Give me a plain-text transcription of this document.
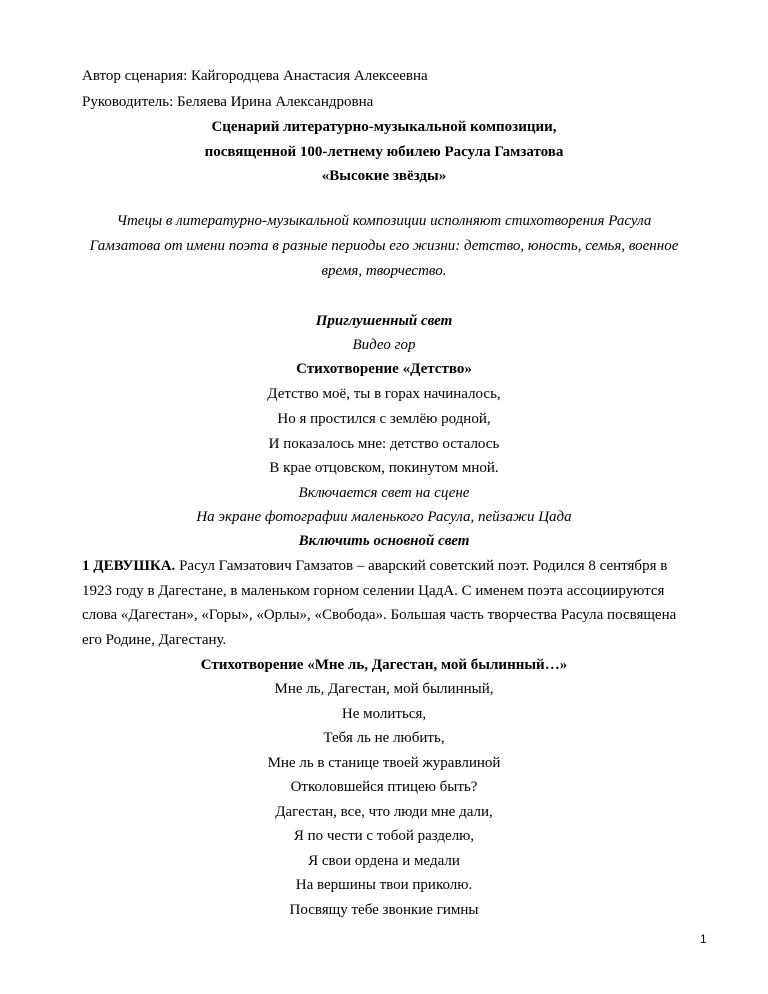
Автор сценария: Кайгородцева Анастасия Алексеевна
Руководитель: Беляева Ирина Александровна
Сценарий литературно-музыкальной композиции,
посвященной 100-летнему юбилею Расула Гамзатова
«Высокие звёзды»
Чтецы в литературно-музыкальной композиции исполняют стихотворения Расула
Гамзатова от имени поэта в разные периоды его жизни: детство, юность, семья, военное
время, творчество.
Приглушенный свет
Видео гор
Стихотворение «Детство»
Детство моё, ты в горах начиналось,
Но я простился с землёю родной,
И показалось мне: детство осталось
В крае отцовском, покинутом мной.
Включается свет на сцене
На экране фотографии маленького Расула, пейзажи Цада
Включить основной свет
1 ДЕВУШКА. Расул Гамзатович Гамзатов – аварский советский поэт. Родился 8 сентября в
1923 году в Дагестане, в маленьком горном селении ЦадА. С именем поэта ассоциируются
слова «Дагестан», «Горы», «Орлы», «Свобода». Большая часть творчества Расула посвящена
его Родине, Дагестану.
Стихотворение «Мне ль, Дагестан, мой былинный…»
Мне ль, Дагестан, мой былинный,
Не молиться,
Тебя ль не любить,
Мне ль в станице твоей журавлиной
Отколовшейся птицею быть?
Дагестан, все, что люди мне дали,
Я по чести с тобой разделю,
Я свои ордена и медали
На вершины твои приколю.
Посвящу тебе звонкие гимны
1
